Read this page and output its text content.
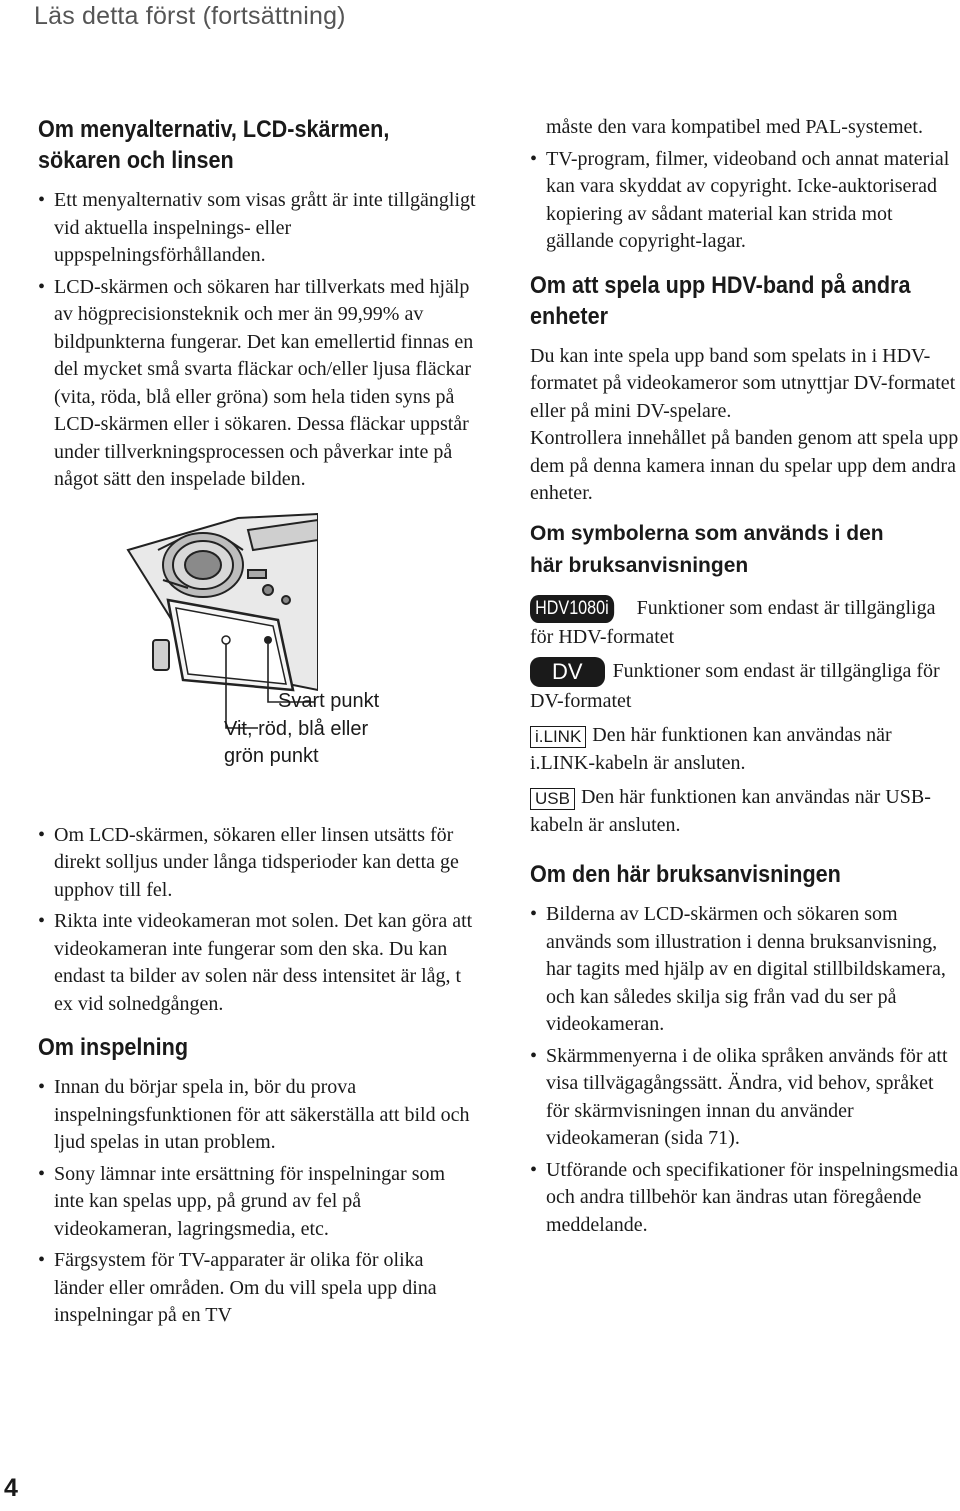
Läs detta först (fortsättning)
Om menyalternativ, LCD-skärmen,
sökaren och linsen
• Ett menyalternativ som visas grått är inte tillgängligt vid aktuella inspelnings- eller uppspelningsförhållanden.
• LCD-skärmen och sökaren har tillverkats med hjälp av högprecisionsteknik och mer än 99,99% av bildpunkterna fungerar. Det kan emellertid finnas en del mycket små svarta fläckar och/eller ljusa fläckar (vita, röda, blå eller gröna) som hela tiden syns på LCD-skärmen eller i sökaren. Dessa fläckar uppstår under tillverkningsprocessen och påverkar inte på något sätt den inspelade bilden.
Svart punkt
Vit, röd, blå eller
grön punkt
• Om LCD-skärmen, sökaren eller linsen utsätts för direkt solljus under långa tidsperioder kan detta ge upphov till fel.
• Rikta inte videokameran mot solen. Det kan göra att videokameran inte fungerar som den ska. Du kan endast ta bilder av solen när dess intensitet är låg, t ex vid solnedgången.
Om inspelning
• Innan du börjar spela in, bör du prova inspelningsfunktionen för att säkerställa att bild och ljud spelas in utan problem.
• Sony lämnar inte ersättning för inspelningar som inte kan spelas upp, på grund av fel på videokameran, lagringsmedia, etc.
• Färgsystem för TV-apparater är olika för olika länder eller områden. Om du vill spela upp dina inspelningar på en TV

måste den vara kompatibel med PAL-systemet.

• TV-program, filmer, videoband och annat material kan vara skyddat av copyright. Icke-auktoriserad kopiering av sådant material kan strida mot gällande copyright-lagar.
Om att spela upp HDV-band på andra
enheter

Du kan inte spela upp band som spelats in i HDV-formatet på videokameror som utnyttjar DV-formatet eller på mini DV-spelare.

Kontrollera innehållet på banden genom att spela upp dem på denna kamera innan du spelar upp dem andra enheter.

Om symbolerna som används i den
här bruksanvisningen
HDV1080i Funktioner som endast är tillgängliga för HDV-formatet
DV Funktioner som endast är tillgängliga för DV-formatet
i.LINK Den här funktionen kan användas när i.LINK-kabeln är ansluten.
USB Den här funktionen kan användas när USB-kabeln är ansluten.
Om den här bruksanvisningen
• Bilderna av LCD-skärmen och sökaren som används som illustration i denna bruksanvisning, har tagits med hjälp av en digital stillbildskamera, och kan således skilja sig från vad du ser på videokameran.
• Skärmmenyerna i de olika språken används för att visa tillvägagångssätt. Ändra, vid behov, språket för skärmvisningen innan du använder videokameran (sida 71).
• Utförande och specifikationer för inspelningsmedia och andra tillbehör kan ändras utan föregående meddelande.
4
